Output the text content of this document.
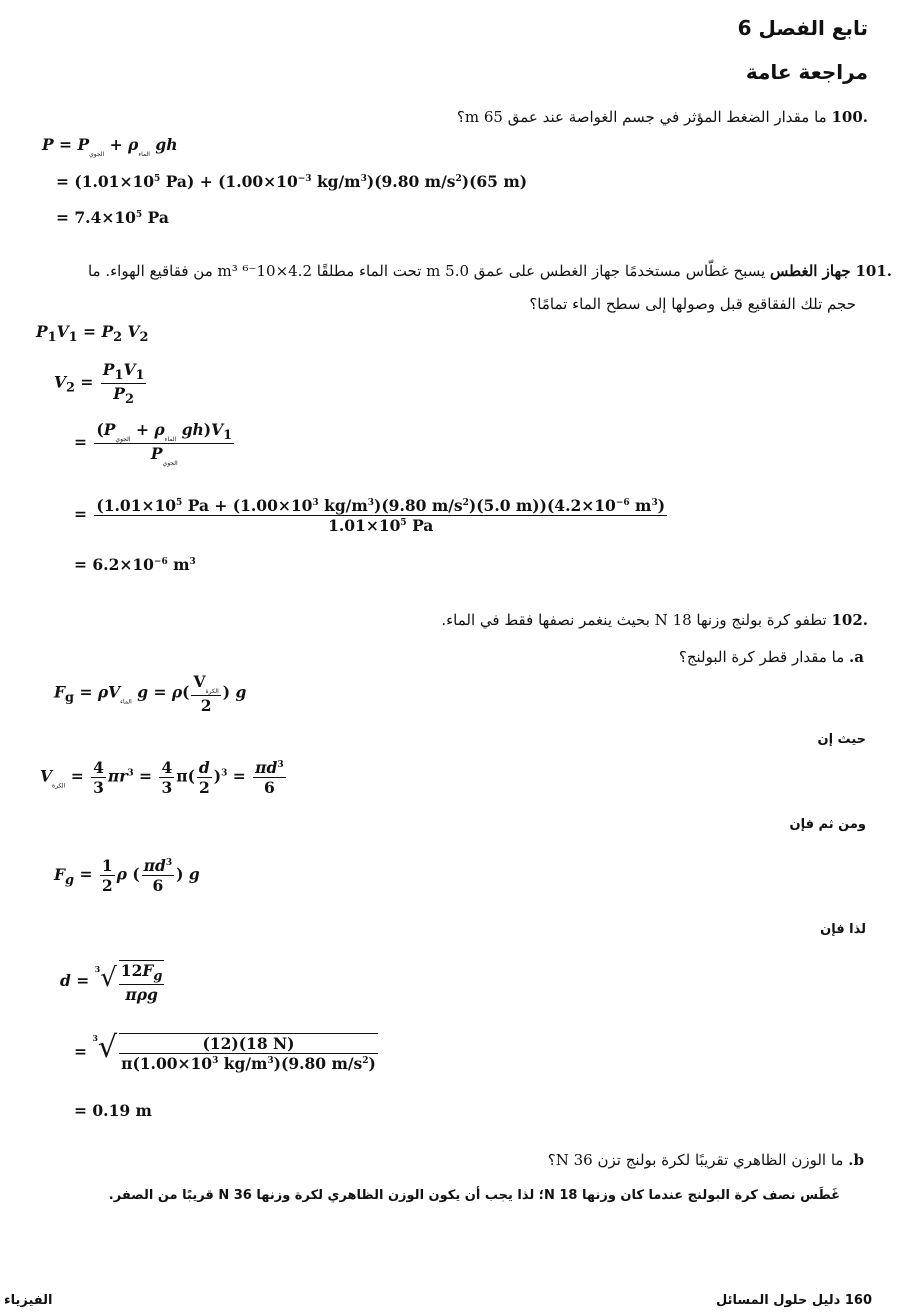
تابع الفصل 6
مراجعة عامة
.100 ما مقدار الضغط المؤثر في جسم الغواصة عند عمق 65 m؟
$P = P_{الجوي} + \rho_{الماء}$ gh
= ($1.01\times 10^5$ $Pa) + (1.00\times 10^{-3}$ $kg/m^3)(9.80$ $m/s^2)(65$ m)
= $7.4\times 10^5$ Pa
.101 جهاز الغطس يسبح غطّاس مستخدمًا جهاز الغطس على عمق 5.0 m تحت الماء مطلقًا 4.2×10⁻⁶ m³ من فقاقيع الهواء. ما
حجم تلك الفقاقيع قبل وصولها إلى سطح الماء تمامًا؟
$P_1V_1 = P_2$ $V_2$
$V_2 = \frac{P_1V_1}{P_2}$
= $\frac{(P_{الجوي} + \rho_{الماء} gh)V_1}{P_{الجوي}}$
= ($1.01\times 10^5$ $Pa + (1.00\times 10^3$ $kg/m^3)(9.80$ $m/s^2)(5.0$ $m))(4.2\times 10^{-6}$ $m^3$)
$1.01\times 10^5$ Pa
= $6.2\times 10^{-6}$ $m^3$
.102 تطفو كرة بولنج وزنها 18 N بحيث ينغمر نصفها فقط في الماء.
a. ما مقدار قطر كرة البولنج؟
$F_g = \rho V_{الماء}$ $g = \rho( \frac{V_{الكرة}}{2}$ ) g
حيث إن
$V_{الكرة} = \frac{4}{3} \pi r^3 = \frac{4}{3} \pi( \frac{d}{2} )^3 = \frac{\pi d^3}{6}$
ومن ثم فإن
$F_g = \frac{1}{2}$ ρ ( $\frac{\pi d^3}{6}$ ) g
لذا فإن
$d = ^3√ \frac{12F_g}{\text{πρg}}$
= $^3√ \frac{(12)(18 N)}{\pi(1.00\times 10^3 kg/m^3)(9.80 m/s^2)}$
= 0.19 m
b. ما الوزن الظاهري تقريبًا لكرة بولنج تزن 36 N؟
غَطَس نصف كرة البولنج عندما كان وزنها 18 N؛ لذا يجب أن يكون الوزن الظاهري لكرة وزنها 36 N قريبًا من الصفر.
160 دليل حلول المسائل
الفيزياء
